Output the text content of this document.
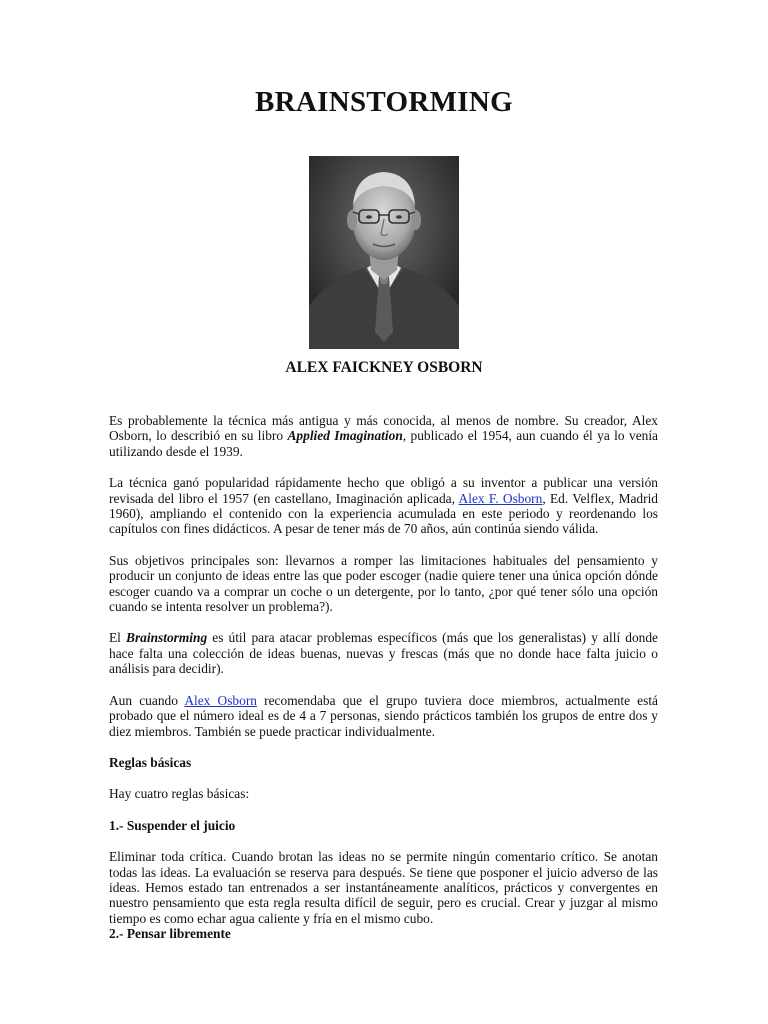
BRAINSTORMING
ALEX FAICKNEY OSBORN

Es probablemente la técnica más antigua y más conocida, al menos de nombre. Su creador, Alex Osborn, lo describió en su libro Applied Imagination, publicado el 1954, aun cuando él ya lo venía utilizando desde el 1939.

La técnica ganó popularidad rápidamente hecho que obligó a su inventor a publicar una versión revisada del libro el 1957 (en castellano, Imaginación aplicada, Alex F. Osborn, Ed. Velflex, Madrid 1960), ampliando el contenido con la experiencia acumulada en este periodo y reordenando los capítulos con fines didácticos. A pesar de tener más de 70 años, aún continúa siendo válida.

Sus objetivos principales son: llevarnos a romper las limitaciones habituales del pensamiento y producir un conjunto de ideas entre las que poder escoger (nadie quiere tener una única opción dónde escoger cuando va a comprar un coche o un detergente, por lo tanto, ¿por qué tener sólo una opción cuando se intenta resolver un problema?).

El Brainstorming es útil para atacar problemas específicos (más que los generalistas) y allí donde hace falta una colección de ideas buenas, nuevas y frescas (más que no donde hace falta juicio o análisis para decidir).

Aun cuando Alex Osborn recomendaba que el grupo tuviera doce miembros, actualmente está probado que el número ideal es de 4 a 7 personas, siendo prácticos también los grupos de entre dos y diez miembros. También se puede practicar individualmente.

Reglas básicas

Hay cuatro reglas básicas:

1.- Suspender el juicio

Eliminar toda crítica. Cuando brotan las ideas no se permite ningún comentario crítico. Se anotan todas las ideas. La evaluación se reserva para después. Se tiene que posponer el juicio adverso de las ideas. Hemos estado tan entrenados a ser instantáneamente analíticos, prácticos y convergentes en nuestro pensamiento que esta regla resulta difícil de seguir, pero es crucial. Crear y juzgar al mismo tiempo es como echar agua caliente y fría en el mismo cubo.

2.- Pensar libremente
